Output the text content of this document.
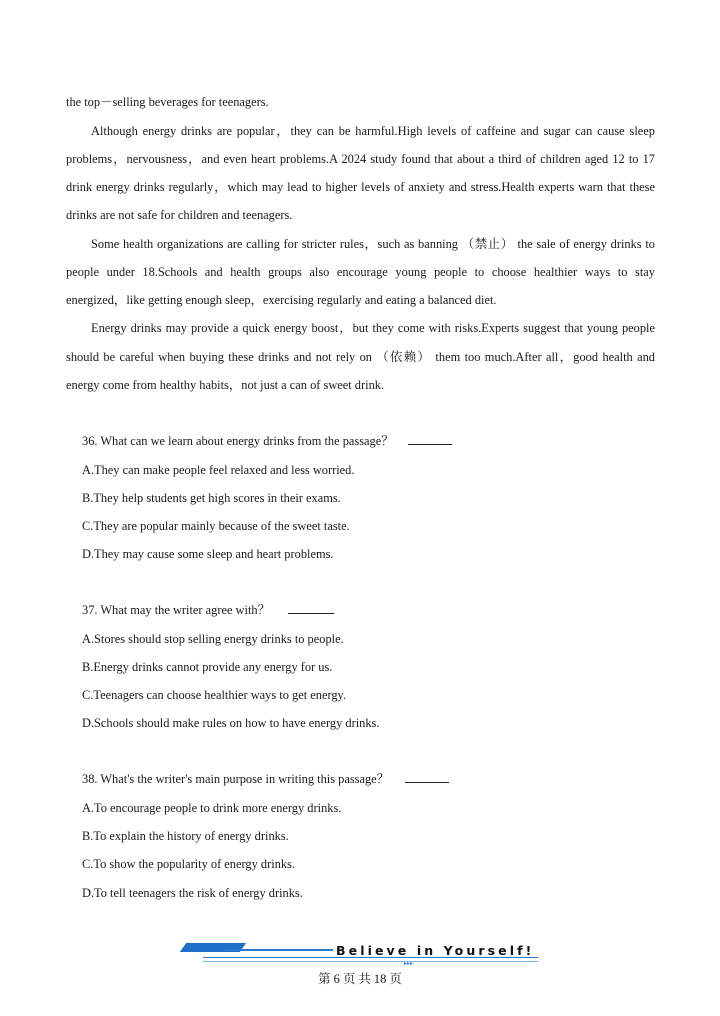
the top－selling beverages for teenagers.
Although energy drinks are popular，they can be harmful.High levels of caffeine and sugar can cause sleep
problems，nervousness，and even heart problems.A 2024 study found that about a third of children aged 12 to 17
drink energy drinks regularly，which may lead to higher levels of anxiety and stress.Health experts warn that these
drinks are not safe for children and teenagers.
Some health organizations are calling for stricter rules，such as banning （禁止） the sale of energy drinks to
people under 18.Schools and health groups also encourage young people to choose healthier ways to stay
energized，like getting enough sleep，exercising regularly and eating a balanced diet.
Energy drinks may provide a quick energy boost，but they come with risks.Experts suggest that young people
should be careful when buying these drinks and not rely on （依赖） them too much.After all，good health and
energy come from healthy habits，not just a can of sweet drink.
36. What can we learn about energy drinks from the passage？
A.They can make people feel relaxed and less worried.
B.They help students get high scores in their exams.
C.They are popular mainly because of the sweet taste.
D.They may cause some sleep and heart problems.
37. What may the writer agree with？
A.Stores should stop selling energy drinks to people.
B.Energy drinks cannot provide any energy for us.
C.Teenagers can choose healthier ways to get energy.
D.Schools should make rules on how to have energy drinks.
38. What's the writer's main purpose in writing this passage？
A.To encourage people to drink more energy drinks.
B.To explain the history of energy drinks.
C.To show the popularity of energy drinks.
D.To tell teenagers the risk of energy drinks.
Believe in Yourself!
▸▸▸
第 6 页 共 18 页
